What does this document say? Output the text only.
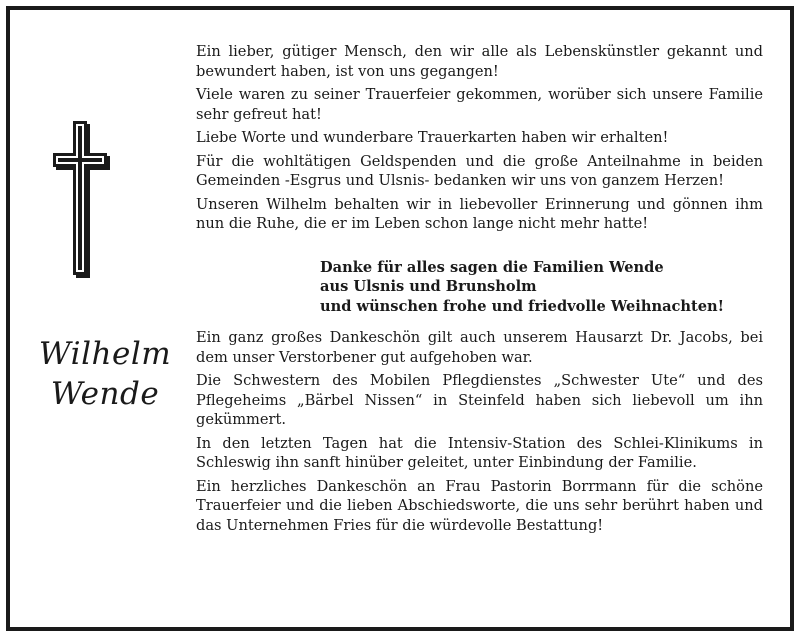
Wilhelm
Wende

Ein lieber, gütiger Mensch, den wir alle als Lebenskünstler gekannt und bewundert haben, ist von uns gegangen!

Viele waren zu seiner Trauerfeier gekommen, worüber sich unsere Familie sehr gefreut hat!

Liebe Worte und wunderbare Trauerkarten haben wir erhalten!

Für die wohltätigen Geldspenden und die große Anteilnahme in beiden Gemeinden -Esgrus und Ulsnis- bedanken wir uns von ganzem Herzen!

Unseren Wilhelm behalten wir in liebevoller Erinnerung und gönnen ihm nun die Ruhe, die er im Leben schon lange nicht mehr hatte!

Danke für alles sagen die Familien Wende
aus Ulsnis und Brunsholm
und wünschen frohe und friedvolle Weihnachten!

Ein ganz großes Dankeschön gilt auch unserem Hausarzt Dr. Jacobs, bei dem unser Verstorbener gut aufgehoben war.

Die Schwestern des Mobilen Pflegdienstes „Schwester Ute“ und des Pflegeheims „Bärbel Nissen“ in Steinfeld haben sich liebevoll um ihn gekümmert.

In den letzten Tagen hat die Intensiv-Station des Schlei-Klinikums in Schleswig ihn sanft hinüber geleitet, unter Einbindung der Familie.

Ein herzliches Dankeschön an Frau Pastorin Borrmann für die schöne Trauerfeier und die lieben Abschiedsworte, die uns sehr berührt haben und das Unternehmen Fries für die würdevolle Bestattung!
